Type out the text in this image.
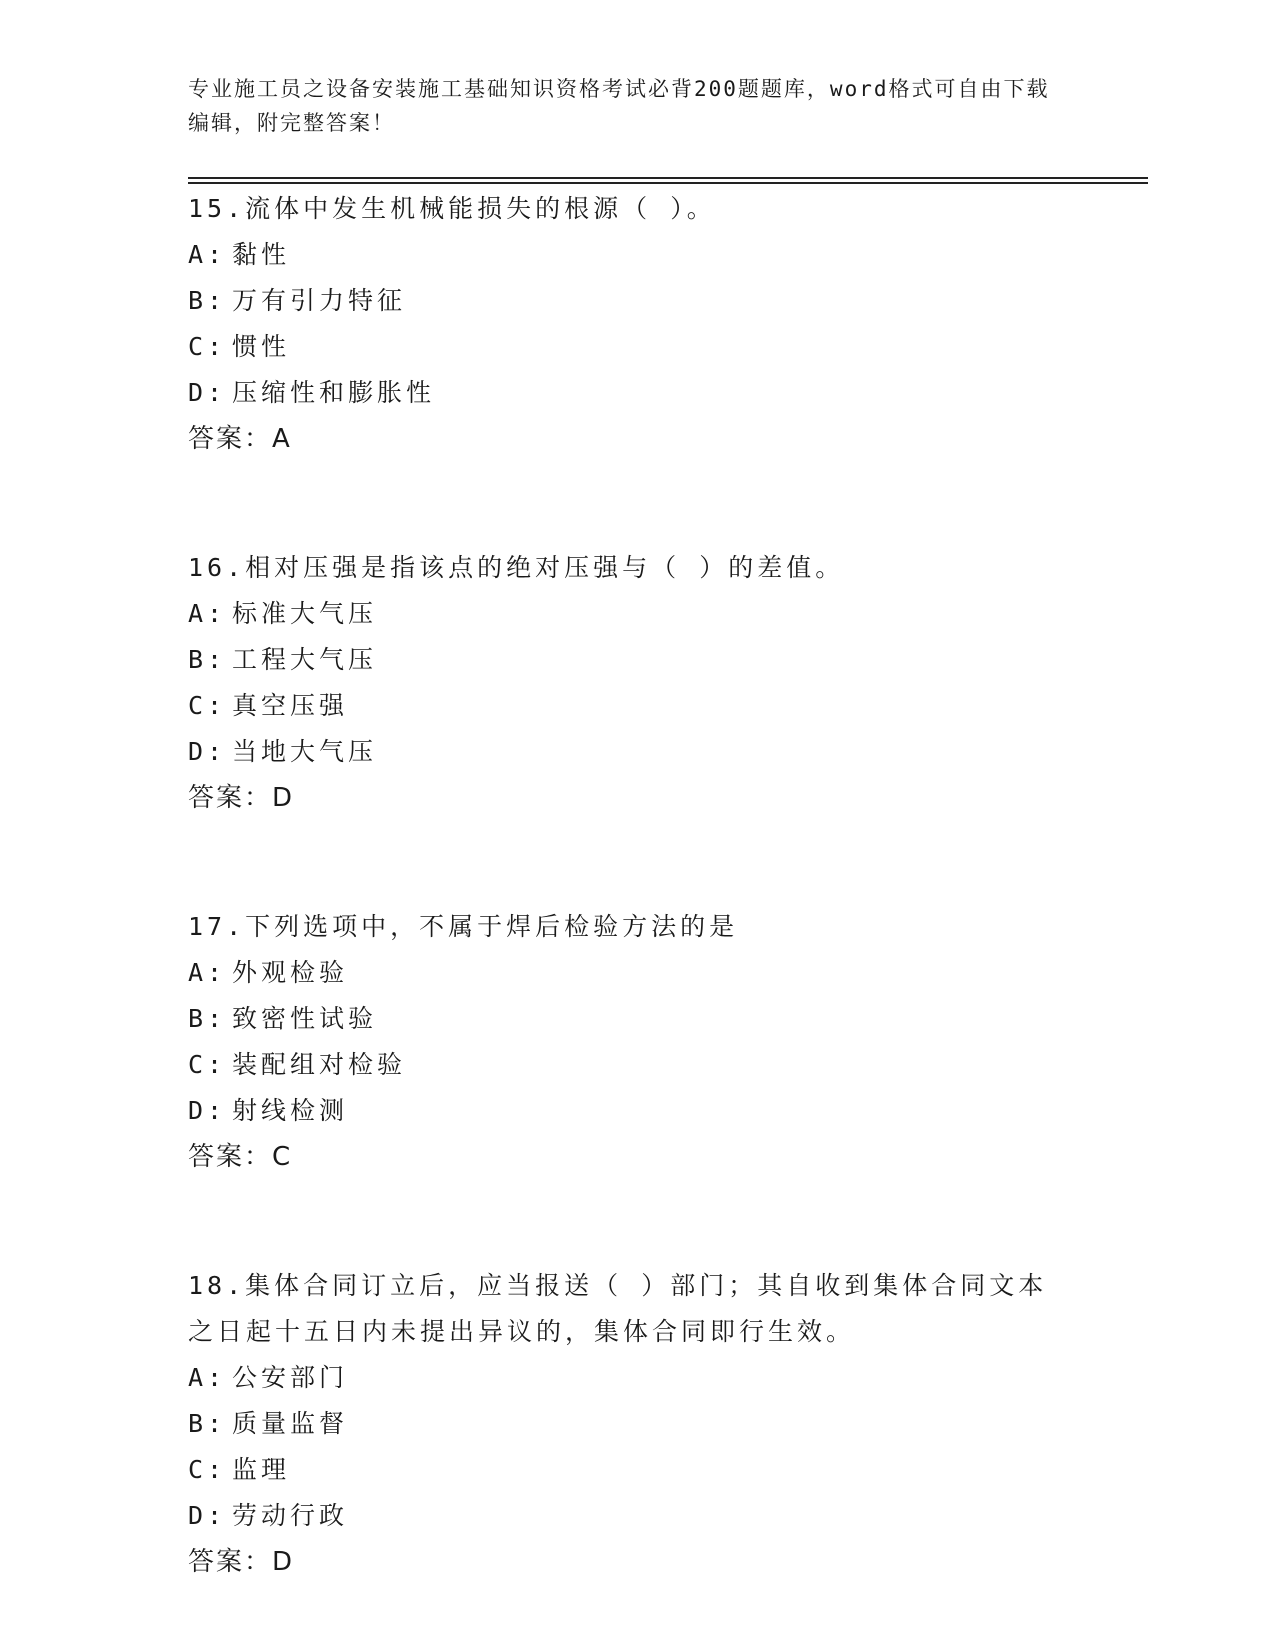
专业施工员之设备安装施工基础知识资格考试必背200题题库，word格式可自由下载编辑，附完整答案！
15.流体中发生机械能损失的根源（ ）。
A: 黏性
B: 万有引力特征
C: 惯性
D: 压缩性和膨胀性
答案：A
16.相对压强是指该点的绝对压强与（ ）的差值。
A: 标准大气压
B: 工程大气压
C: 真空压强
D: 当地大气压
答案：D
17.下列选项中，不属于焊后检验方法的是
A: 外观检验
B: 致密性试验
C: 装配组对检验
D: 射线检测
答案：C
18.集体合同订立后，应当报送（ ）部门；其自收到集体合同文本之日起十五日内未提出异议的，集体合同即行生效。
A: 公安部门
B: 质量监督
C: 监理
D: 劳动行政
答案：D
